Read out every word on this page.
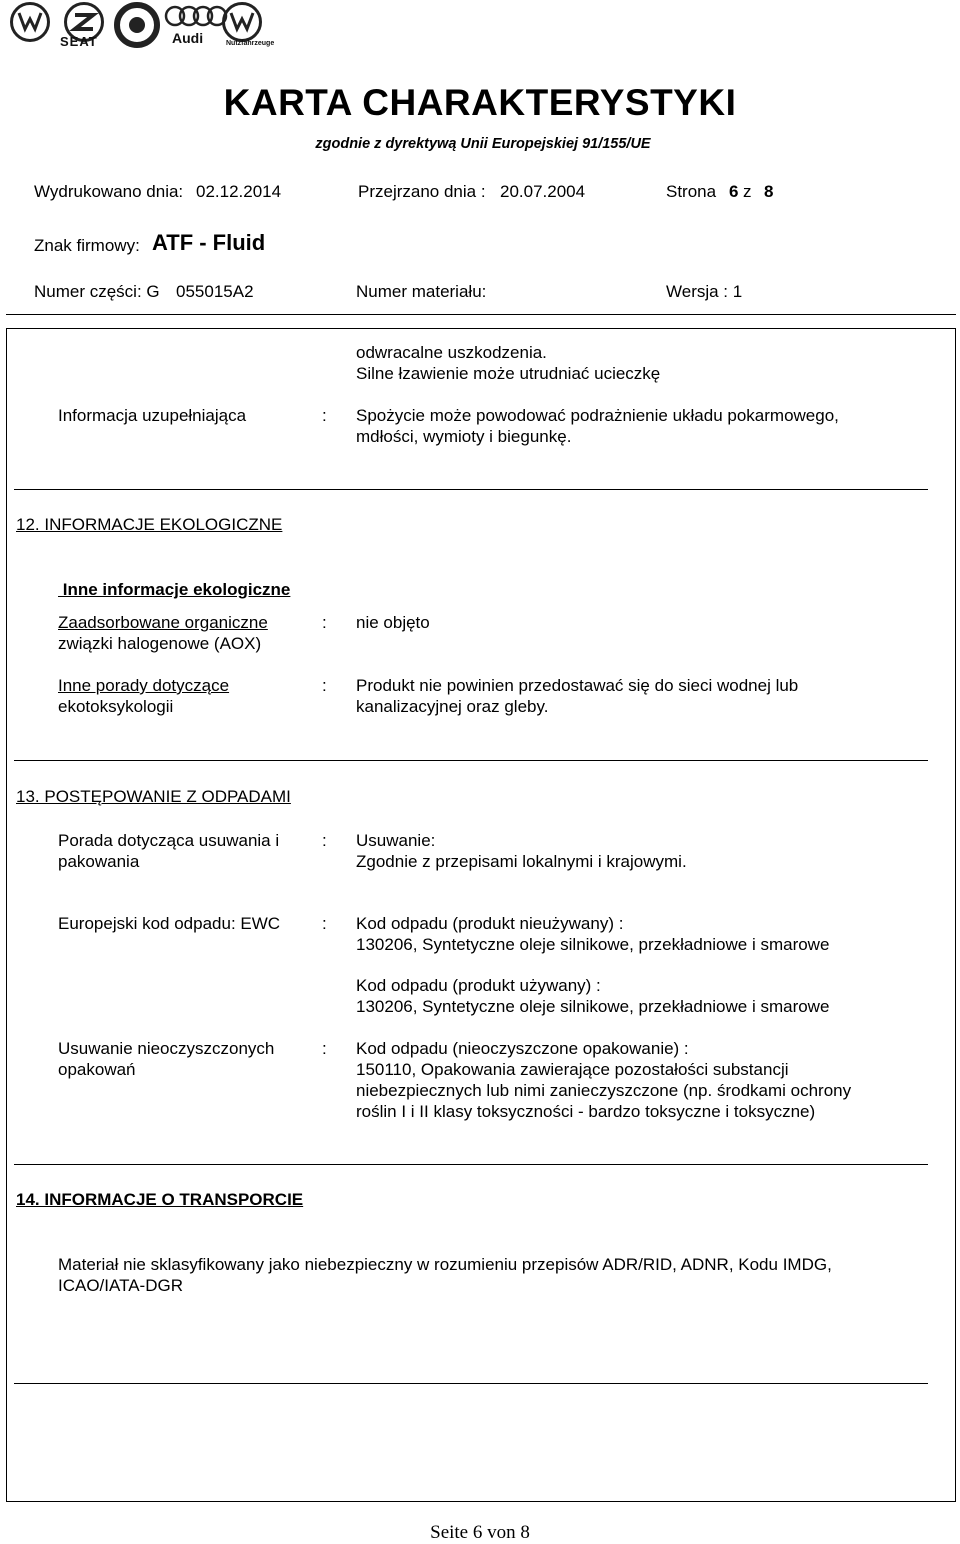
SEAT	Audi	Nutzfahrzeuge
KARTA CHARAKTERYSTYKI
zgodnie z dyrektywą Unii Europejskiej 91/155/UE
Wydrukowano dnia: 02.12.2014	Przejrzano dnia : 20.07.2004	Strona 6 z 8
Znak firmowy: ATF - Fluid
Numer części: G 055015A2	Numer materiału:	Wersja : 1
odwracalne uszkodzenia.
Silne łzawienie może utrudniać ucieczkę
Informacja uzupełniająca	: Spożycie może powodować podrażnienie układu pokarmowego,
mdłości, wymioty i biegunkę.
12. INFORMACJE EKOLOGICZNE
Inne informacje ekologiczne
Zaadsorbowane organiczne
związki halogenowe (AOX)
: nie objęto
Inne porady dotyczące
ekotoksykologii
: Produkt nie powinien przedostawać się do sieci wodnej lub
kanalizacyjnej oraz gleby.
13. POSTĘPOWANIE Z ODPADAMI
Porada dotycząca usuwania i
pakowania
: Usuwanie:
Zgodnie z przepisami lokalnymi i krajowymi.
Europejski kod odpadu: EWC : Kod odpadu (produkt nieużywany) :
130206, Syntetyczne oleje silnikowe, przekładniowe i smarowe
Kod odpadu (produkt używany) :
130206, Syntetyczne oleje silnikowe, przekładniowe i smarowe
Usuwanie nieoczyszczonych
opakowań
: Kod odpadu (nieoczyszczone opakowanie) :
150110, Opakowania zawierające pozostałości substancji
niebezpiecznych lub nimi zanieczyszczone (np. środkami ochrony
roślin I i II klasy toksyczności - bardzo toksyczne i toksyczne)
14. INFORMACJE O TRANSPORCIE
Materiał nie sklasyfikowany jako niebezpieczny w rozumieniu przepisów ADR/RID, ADNR, Kodu IMDG,
ICAO/IATA-DGR
Seite 6 von 8
